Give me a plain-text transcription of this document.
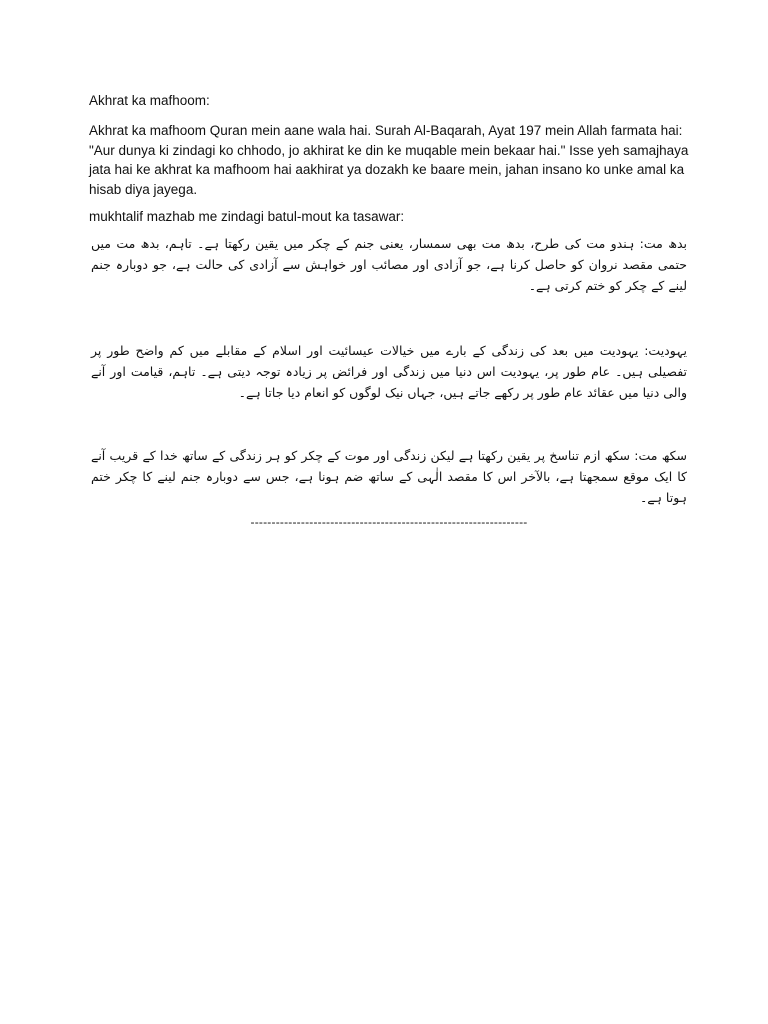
Akhrat ka mafhoom:

Akhrat ka mafhoom Quran mein aane wala hai. Surah Al-Baqarah, Ayat 197 mein Allah farmata hai: "Aur dunya ki zindagi ko chhodo, jo akhirat ke din ke muqable mein bekaar hai." Isse yeh samajhaya jata hai ke akhrat ka mafhoom hai aakhirat ya dozakh ke baare mein, jahan insano ko unke amal ka hisab diya jayega.

mukhtalif mazhab me zindagi batul-mout ka tasawar:

بدھ مت: ہندو مت کی طرح، بدھ مت بھی سمسار، یعنی جنم کے چکر میں یقین رکھتا ہے۔ تاہم، بدھ مت میں حتمی مقصد نروان کو حاصل کرنا ہے، جو آزادی اور مصائب اور خواہش سے آزادی کی حالت ہے، جو دوبارہ جنم لینے کے چکر کو ختم کرتی ہے۔

یہودیت: یہودیت میں بعد کی زندگی کے بارے میں خیالات عیسائیت اور اسلام کے مقابلے میں کم واضح طور پر تفصیلی ہیں۔ عام طور پر، یہودیت اس دنیا میں زندگی اور فرائض پر زیادہ توجہ دیتی ہے۔ تاہم، قیامت اور آنے والی دنیا میں عقائد عام طور پر رکھے جاتے ہیں، جہاں نیک لوگوں کو انعام دیا جاتا ہے۔

سکھ مت: سکھ ازم تناسخ پر یقین رکھتا ہے لیکن زندگی اور موت کے چکر کو ہر زندگی کے ساتھ خدا کے قریب آنے کا ایک موقع سمجھتا ہے، بالآخر اس کا مقصد الٰہی کے ساتھ ضم ہونا ہے، جس سے دوبارہ جنم لینے کا چکر ختم ہوتا ہے۔

------------------------------------------------------------------
